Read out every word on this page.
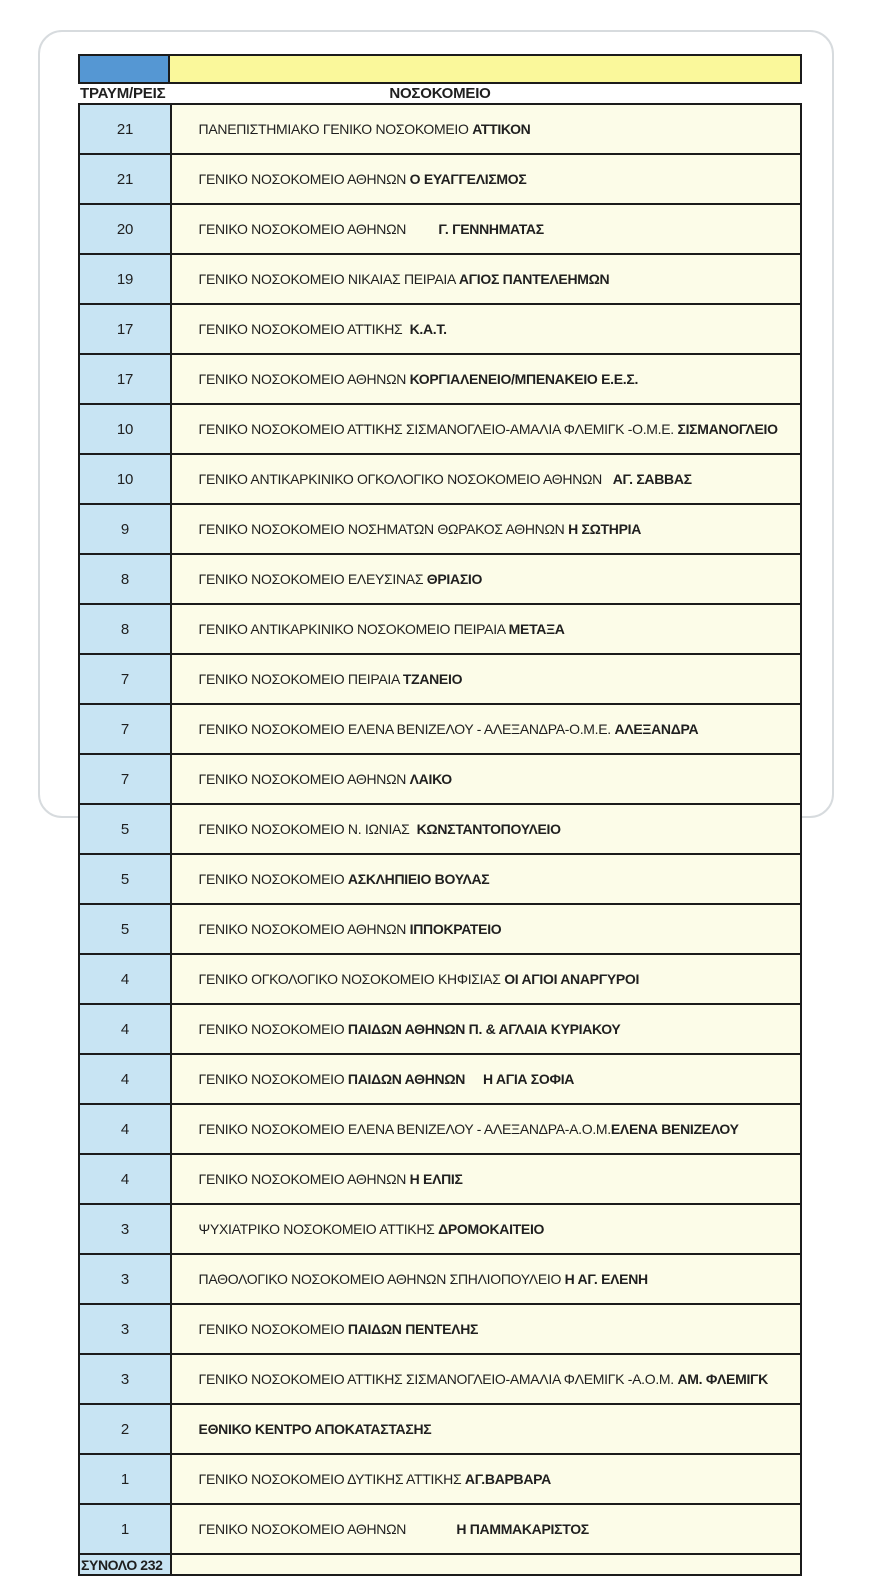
ΤΡΑΥΜ/ΡΕΙΣ	ΝΟΣΟΚΟΜΕΙΟ
21	ΠΑΝΕΠΙΣΤΗΜΙΑΚΟ ΓΕΝΙΚΟ ΝΟΣΟΚΟΜΕΙΟ ΑΤΤΙΚΟΝ

21	ΓΕΝΙΚΟ ΝΟΣΟΚΟΜΕΙΟ ΑΘΗΝΩΝ Ο ΕΥΑΓΓΕΛΙΣΜΟΣ

20	ΓΕΝΙΚΟ ΝΟΣΟΚΟΜΕΙΟ ΑΘΗΝΩΝ         Γ. ΓΕΝΝΗΜΑΤΑΣ

19	ΓΕΝΙΚΟ ΝΟΣΟΚΟΜΕΙΟ ΝΙΚΑΙΑΣ ΠΕΙΡΑΙΑ ΑΓΙΟΣ ΠΑΝΤΕΛΕΗΜΩΝ

17	ΓΕΝΙΚΟ ΝΟΣΟΚΟΜΕΙΟ ΑΤΤΙΚΗΣ  Κ.Α.Τ.

17	ΓΕΝΙΚΟ ΝΟΣΟΚΟΜΕΙΟ ΑΘΗΝΩΝ ΚΟΡΓΙΑΛΕΝΕΙΟ/ΜΠΕΝΑΚΕΙΟ Ε.Ε.Σ.

10	ΓΕΝΙΚΟ ΝΟΣΟΚΟΜΕΙΟ ΑΤΤΙΚΗΣ ΣΙΣΜΑΝΟΓΛΕΙΟ-ΑΜΑΛΙΑ ΦΛΕΜΙΓΚ -Ο.Μ.Ε. ΣΙΣΜΑΝΟΓΛΕΙΟ

10	ΓΕΝΙΚΟ ΑΝΤΙΚΑΡΚΙΝΙΚΟ ΟΓΚΟΛΟΓΙΚΟ ΝΟΣΟΚΟΜΕΙΟ ΑΘΗΝΩΝ   ΑΓ. ΣΑΒΒΑΣ

9	ΓΕΝΙΚΟ ΝΟΣΟΚΟΜΕΙΟ ΝΟΣΗΜΑΤΩΝ ΘΩΡΑΚΟΣ ΑΘΗΝΩΝ Η ΣΩΤΗΡΙΑ

8	ΓΕΝΙΚΟ ΝΟΣΟΚΟΜΕΙΟ ΕΛΕΥΣΙΝΑΣ ΘΡΙΑΣΙΟ

8	ΓΕΝΙΚΟ ΑΝΤΙΚΑΡΚΙΝΙΚΟ ΝΟΣΟΚΟΜΕΙΟ ΠΕΙΡΑΙΑ ΜΕΤΑΞΑ

7	ΓΕΝΙΚΟ ΝΟΣΟΚΟΜΕΙΟ ΠΕΙΡΑΙΑ ΤΖΑΝΕΙΟ

7	ΓΕΝΙΚΟ ΝΟΣΟΚΟΜΕΙΟ ΕΛΕΝΑ ΒΕΝΙΖΕΛΟΥ - ΑΛΕΞΑΝΔΡΑ-Ο.Μ.Ε. ΑΛΕΞΑΝΔΡΑ

7	ΓΕΝΙΚΟ ΝΟΣΟΚΟΜΕΙΟ ΑΘΗΝΩΝ ΛΑΙΚΟ

5	ΓΕΝΙΚΟ ΝΟΣΟΚΟΜΕΙΟ Ν. ΙΩΝΙΑΣ  ΚΩΝΣΤΑΝΤΟΠΟΥΛΕΙΟ

5	ΓΕΝΙΚΟ ΝΟΣΟΚΟΜΕΙΟ ΑΣΚΛΗΠΙΕΙΟ ΒΟΥΛΑΣ

5	ΓΕΝΙΚΟ ΝΟΣΟΚΟΜΕΙΟ ΑΘΗΝΩΝ ΙΠΠΟΚΡΑΤΕΙΟ

4	ΓΕΝΙΚΟ ΟΓΚΟΛΟΓΙΚΟ ΝΟΣΟΚΟΜΕΙΟ ΚΗΦΙΣΙΑΣ ΟΙ ΑΓΙΟΙ ΑΝΑΡΓΥΡΟΙ

4	ΓΕΝΙΚΟ ΝΟΣΟΚΟΜΕΙΟ ΠΑΙΔΩΝ ΑΘΗΝΩΝ Π. & ΑΓΛΑΙΑ ΚΥΡΙΑΚΟΥ

4	ΓΕΝΙΚΟ ΝΟΣΟΚΟΜΕΙΟ ΠΑΙΔΩΝ ΑΘΗΝΩΝ     Η ΑΓΙΑ ΣΟΦΙΑ

4	ΓΕΝΙΚΟ ΝΟΣΟΚΟΜΕΙΟ ΕΛΕΝΑ ΒΕΝΙΖΕΛΟΥ - ΑΛΕΞΑΝΔΡΑ-Α.Ο.Μ.ΕΛΕΝΑ ΒΕΝΙΖΕΛΟΥ

4	ΓΕΝΙΚΟ ΝΟΣΟΚΟΜΕΙΟ ΑΘΗΝΩΝ Η ΕΛΠΙΣ

3	ΨΥΧΙΑΤΡΙΚΟ ΝΟΣΟΚΟΜΕΙΟ ΑΤΤΙΚΗΣ ΔΡΟΜΟΚΑΙΤΕΙΟ

3	ΠΑΘΟΛΟΓΙΚΟ ΝΟΣΟΚΟΜΕΙΟ ΑΘΗΝΩΝ ΣΠΗΛΙΟΠΟΥΛΕΙΟ Η ΑΓ. ΕΛΕΝΗ

3	ΓΕΝΙΚΟ ΝΟΣΟΚΟΜΕΙΟ ΠΑΙΔΩΝ ΠΕΝΤΕΛΗΣ

3	ΓΕΝΙΚΟ ΝΟΣΟΚΟΜΕΙΟ ΑΤΤΙΚΗΣ ΣΙΣΜΑΝΟΓΛΕΙΟ-ΑΜΑΛΙΑ ΦΛΕΜΙΓΚ -Α.Ο.Μ. ΑΜ. ΦΛΕΜΙΓΚ

2	ΕΘΝΙΚΟ ΚΕΝΤΡΟ ΑΠΟΚΑΤΑΣΤΑΣΗΣ

1	ΓΕΝΙΚΟ ΝΟΣΟΚΟΜΕΙΟ ΔΥΤΙΚΗΣ ΑΤΤΙΚΗΣ ΑΓ.ΒΑΡΒΑΡΑ

1	ΓΕΝΙΚΟ ΝΟΣΟΚΟΜΕΙΟ ΑΘΗΝΩΝ              Η ΠΑΜΜΑΚΑΡΙΣΤΟΣ

ΣΥΝΟΛΟ 232	
